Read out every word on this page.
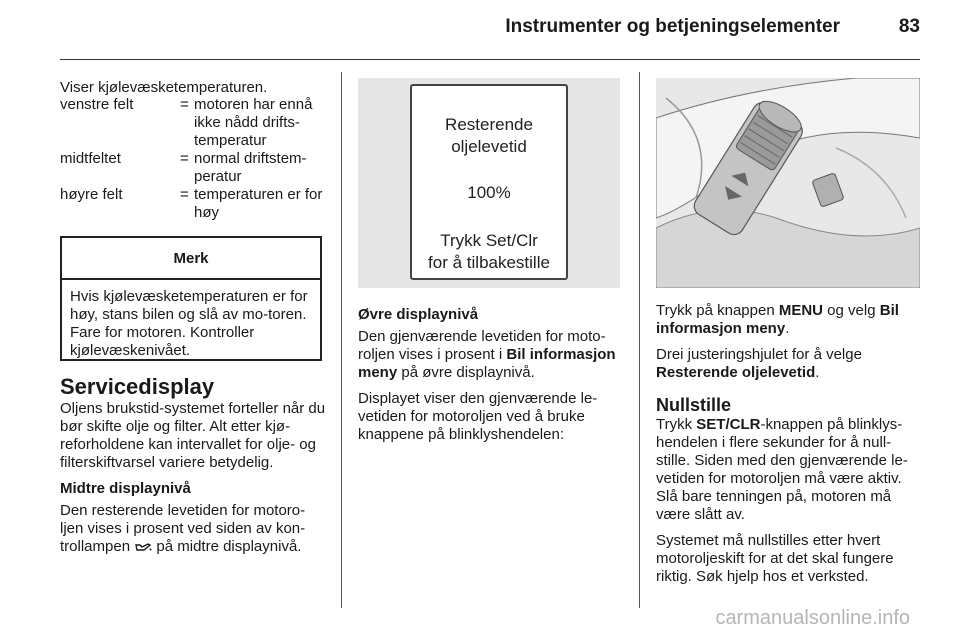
Instrumenter og betjeningselementer	83

Viser kjølevæsketemperaturen.

venstre felt	= motoren har ennå ikke nådd drifts-temperatur
midtfeltet	= normal driftstem-peratur
høyre felt	= temperaturen er for høy
Merk
Hvis kjølevæsketemperaturen er for høy, stans bilen og slå av mo-toren. Fare for motoren. Kontroller kjølevæskenivået.
Servicedisplay

Oljens brukstid-systemet forteller når du bør skifte olje og filter. Alt etter kjø-reforholdene kan intervallet for olje- og filterskiftvarsel variere betydelig.

Midtre displaynivå

Den resterende levetiden for motoro-ljen vises i prosent ved siden av kon-trollampen på midtre displaynivå.

Resterende
oljelevetid
100%
Trykk Set/Clr
for å tilbakestille

Øvre displaynivå

Den gjenværende levetiden for moto-roljen vises i prosent i Bil informasjon meny på øvre displaynivå.

Displayet viser den gjenværende le-vetiden for motoroljen ved å bruke knappene på blinklyshendelen:

Trykk på knappen MENU og velg Bil informasjon meny.

Drei justeringshjulet for å velge Resterende oljelevetid.

Nullstille

Trykk SET/CLR-knappen på blinklys-hendelen i flere sekunder for å null-stille. Siden med den gjenværende le-vetiden for motoroljen må være aktiv. Slå bare tenningen på, motoren må være slått av.

Systemet må nullstilles etter hvert motoroljeskift for at det skal fungere riktig. Søk hjelp hos et verksted.

carmanualsonline.info
